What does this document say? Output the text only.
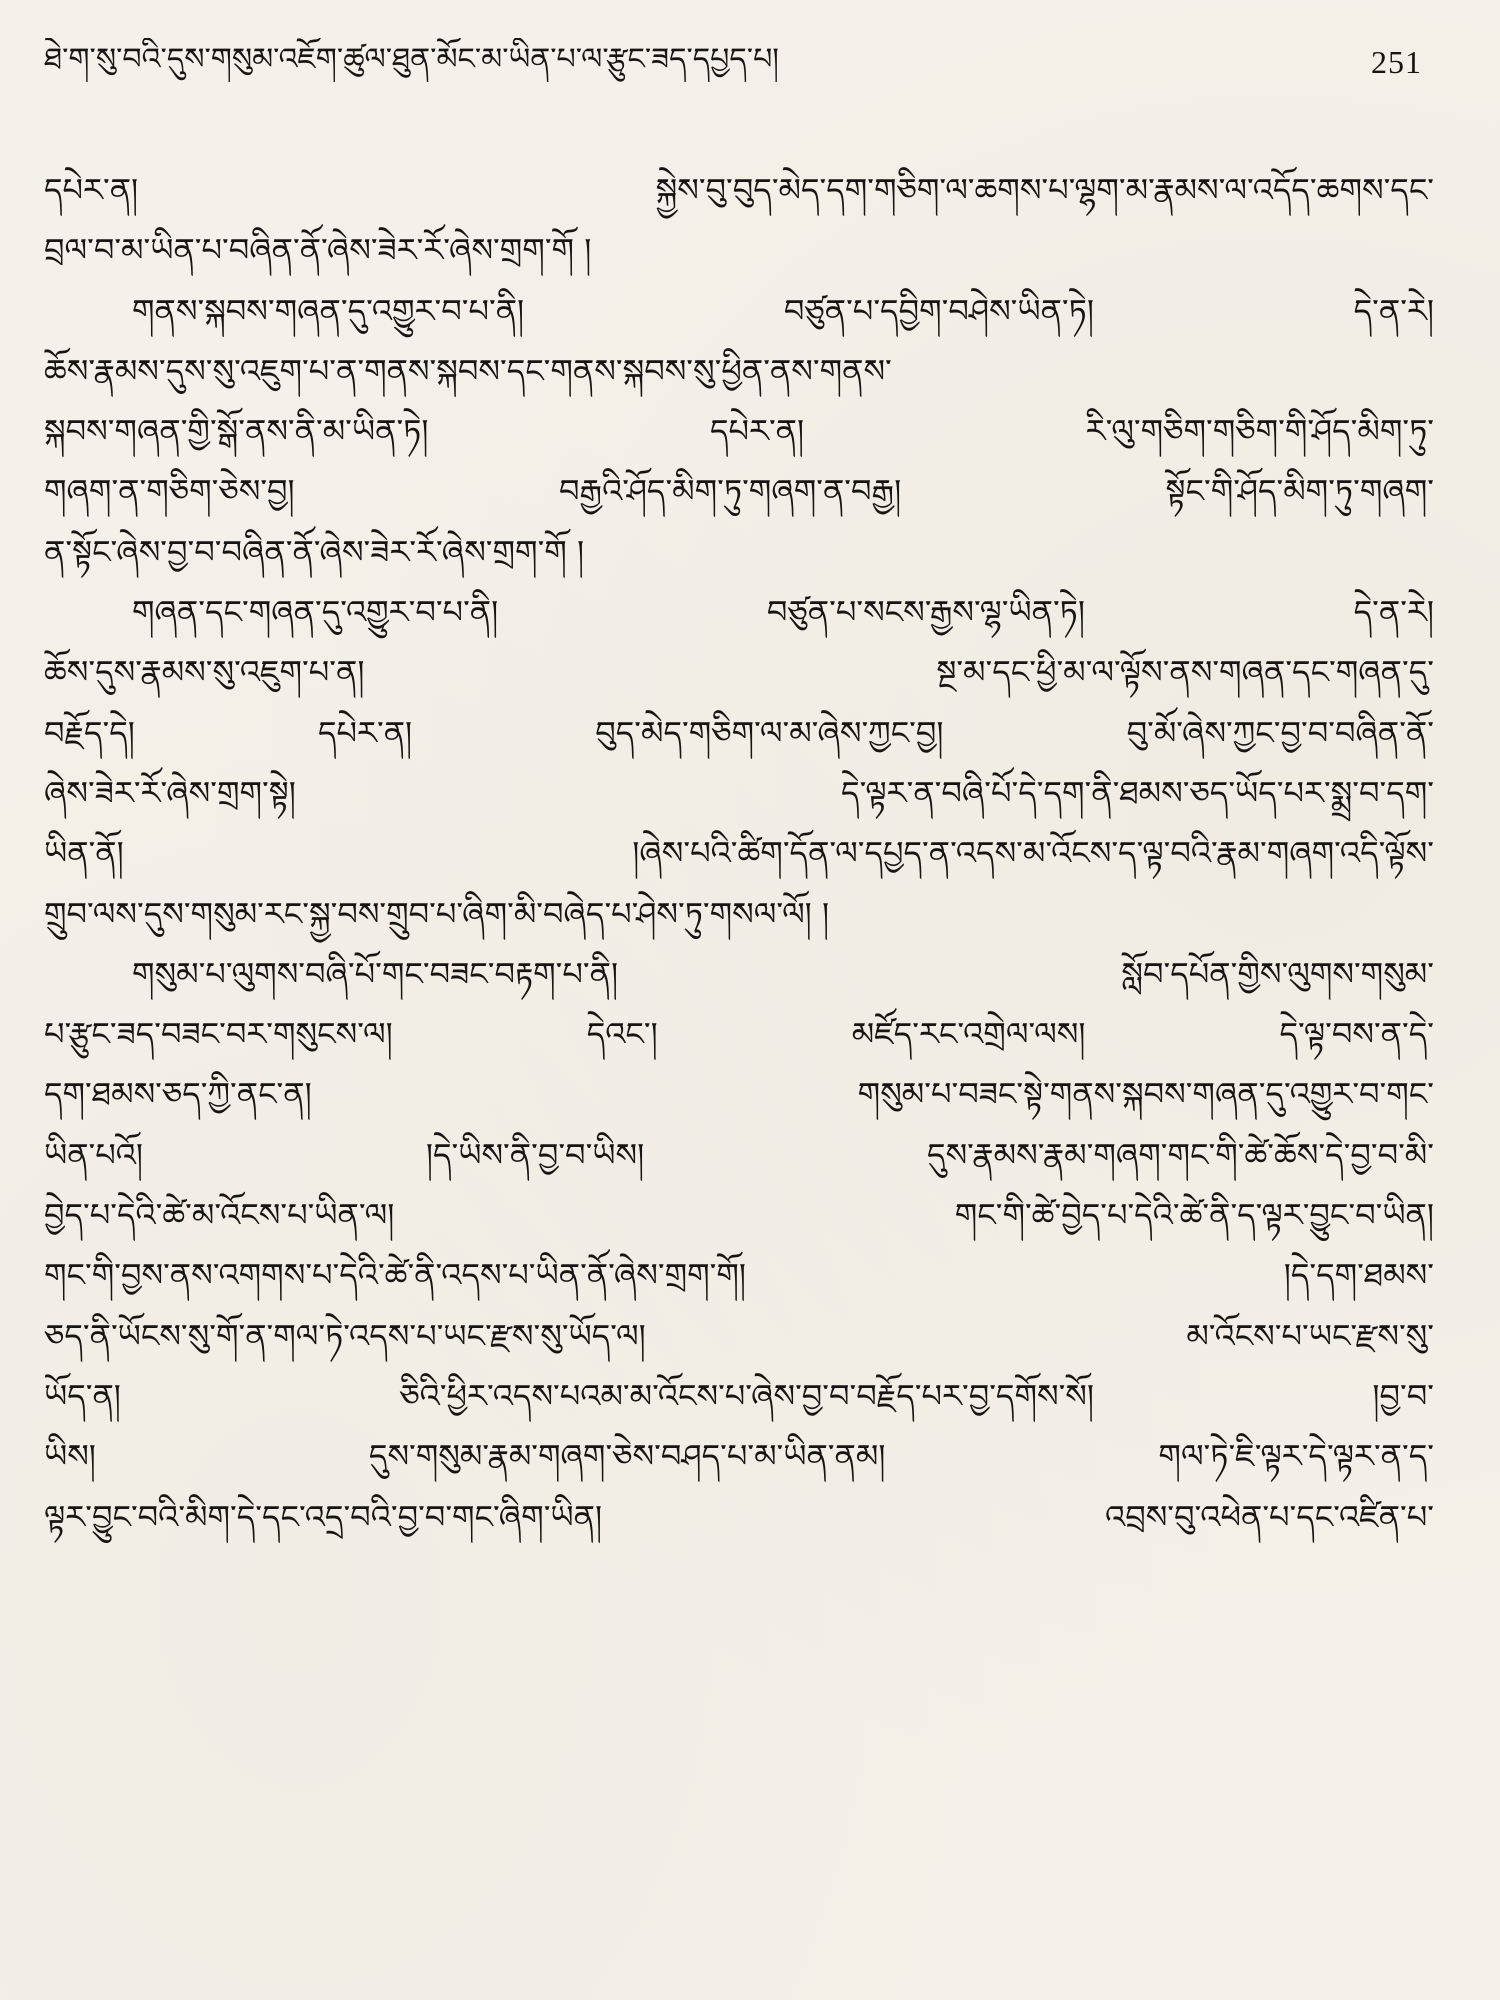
ཐེ་ག་སུ་བའི་དུས་གསུམ་འཇོག་ཚུལ་ཐུན་མོང་མ་ཡིན་པ་ལ་རྩུང་ཟད་དཔྱད་པ།	251
དཔེར་ན། སྐྱེས་བུ་བུད་མེད་དག་གཅིག་ལ་ཆགས་པ་ལྷག་མ་རྣམས་ལ་འདོད་ཆགས་དང་
བྲལ་བ་མ་ཡིན་པ་བཞིན་ནོ་ཞེས་ཟེར་རོ་ཞེས་གྲག་གོ །
གནས་སྐབས་གཞན་དུ་འགྱུར་བ་པ་ནི། བཙུན་པ་དབྱིག་བཤེས་ཡིན་ཏེ། དེ་ན་རེ།
ཆོས་རྣམས་དུས་སུ་འཇུག་པ་ན་གནས་སྐབས་དང་གནས་སྐབས་སུ་ཕྱིན་ནས་གནས་
སྐབས་གཞན་གྱི་སྒོ་ནས་ནི་མ་ཡིན་ཏེ། དཔེར་ན། རི་ལུ་གཅིག་གཅིག་གི་ཤོད་མིག་ཏུ་
གཞག་ན་གཅིག་ཅེས་བྱ། བརྒྱའི་ཤོད་མིག་ཏུ་གཞག་ན་བརྒྱ། སྟོང་གི་ཤོད་མིག་ཏུ་གཞག་
ན་སྟོང་ཞེས་བྱ་བ་བཞིན་ནོ་ཞེས་ཟེར་རོ་ཞེས་གྲག་གོ །
གཞན་དང་གཞན་དུ་འགྱུར་བ་པ་ནི། བཙུན་པ་སངས་རྒྱས་ལྷ་ཡིན་ཏེ། དེ་ན་རེ།
ཆོས་དུས་རྣམས་སུ་འཇུག་པ་ན། སྔ་མ་དང་ཕྱི་མ་ལ་ལྟོས་ནས་གཞན་དང་གཞན་དུ་
བརྗོད་དེ། དཔེར་ན། བུད་མེད་གཅིག་ལ་མ་ཞེས་ཀྱང་བྱ། བུ་མོ་ཞེས་ཀྱང་བྱ་བ་བཞིན་ནོ་
ཞེས་ཟེར་རོ་ཞེས་གྲག་སྟེ། དེ་ལྟར་ན་བཞི་པོ་དེ་དག་ནི་ཐམས་ཅད་ཡོད་པར་སྨྲ་བ་དག་
ཡིན་ནོ། །ཞེས་པའི་ཚིག་དོན་ལ་དཔྱད་ན་འདས་མ་འོངས་ད་ལྟ་བའི་རྣམ་གཞག་འདི་ལྟོས་
གྲུབ་ལས་དུས་གསུམ་རང་སྐྱ་བས་གྲུབ་པ་ཞིག་མི་བཞེད་པ་ཤེས་ཏུ་གསལ་ལོ། །
གསུམ་པ་ལུགས་བཞི་པོ་གང་བཟང་བརྟག་པ་ནི། སློབ་དཔོན་གྱིས་ལུགས་གསུམ་
པ་རྩུང་ཟད་བཟང་བར་གསུངས་ལ། དེའང་། མཛོད་རང་འགྲེལ་ལས། དེ་ལྟ་བས་ན་དེ་
དག་ཐམས་ཅད་ཀྱི་ནང་ན། གསུམ་པ་བཟང་སྟེ་གནས་སྐབས་གཞན་དུ་འགྱུར་བ་གང་
ཡིན་པའོ། །དེ་ཡིས་ནི་བྱ་བ་ཡིས། དུས་རྣམས་རྣམ་གཞག་གང་གི་ཚེ་ཆོས་དེ་བྱ་བ་མི་
བྱེད་པ་དེའི་ཚེ་མ་འོངས་པ་ཡིན་ལ། གང་གི་ཚེ་བྱེད་པ་དེའི་ཚེ་ནི་ད་ལྟར་བྱུང་བ་ཡིན།
གང་གི་བྱས་ནས་འགགས་པ་དེའི་ཚེ་ནི་འདས་པ་ཡིན་ནོ་ཞེས་གྲག་གོ། །དེ་དག་ཐམས་
ཅད་ནི་ཡོངས་སུ་གོ་ན་གལ་ཏེ་འདས་པ་ཡང་རྫས་སུ་ཡོད་ལ། མ་འོངས་པ་ཡང་རྫས་སུ་
ཡོད་ན། ཅིའི་ཕྱིར་འདས་པའམ་མ་འོངས་པ་ཞེས་བྱ་བ་བརྗོད་པར་བྱ་དགོས་སོ། །བྱ་བ་
ཡིས། དུས་གསུམ་རྣམ་གཞག་ཅེས་བཤད་པ་མ་ཡིན་ནམ། གལ་ཏེ་ཇི་ལྟར་དེ་ལྟར་ན་ད་
ལྟར་བྱུང་བའི་མིག་དེ་དང་འདྲ་བའི་བྱ་བ་གང་ཞིག་ཡིན། འབྲས་བུ་འཕེན་པ་དང་འཛིན་པ་
